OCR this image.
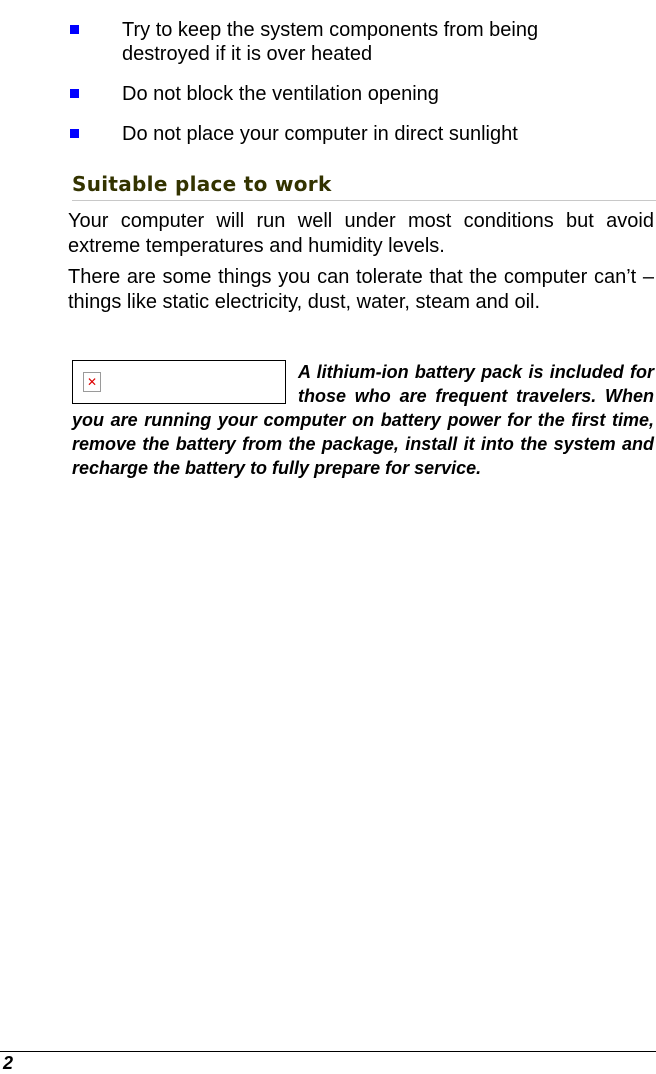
Try to keep the system components from being destroyed if it is over heated
Do not block the ventilation opening
Do not place your computer in direct sunlight
Suitable place to work

Your computer will run well under most conditions but avoid extreme temperatures and humidity levels.

There are some things you can tolerate that the computer can’t – things like static electricity, dust, water, steam and oil.

✕	A lithium-ion battery pack is included for those who are frequent travelers. When you are running your computer on battery power for the first time, remove the battery from the package, install it into the system and recharge the battery to fully prepare for service.
2
